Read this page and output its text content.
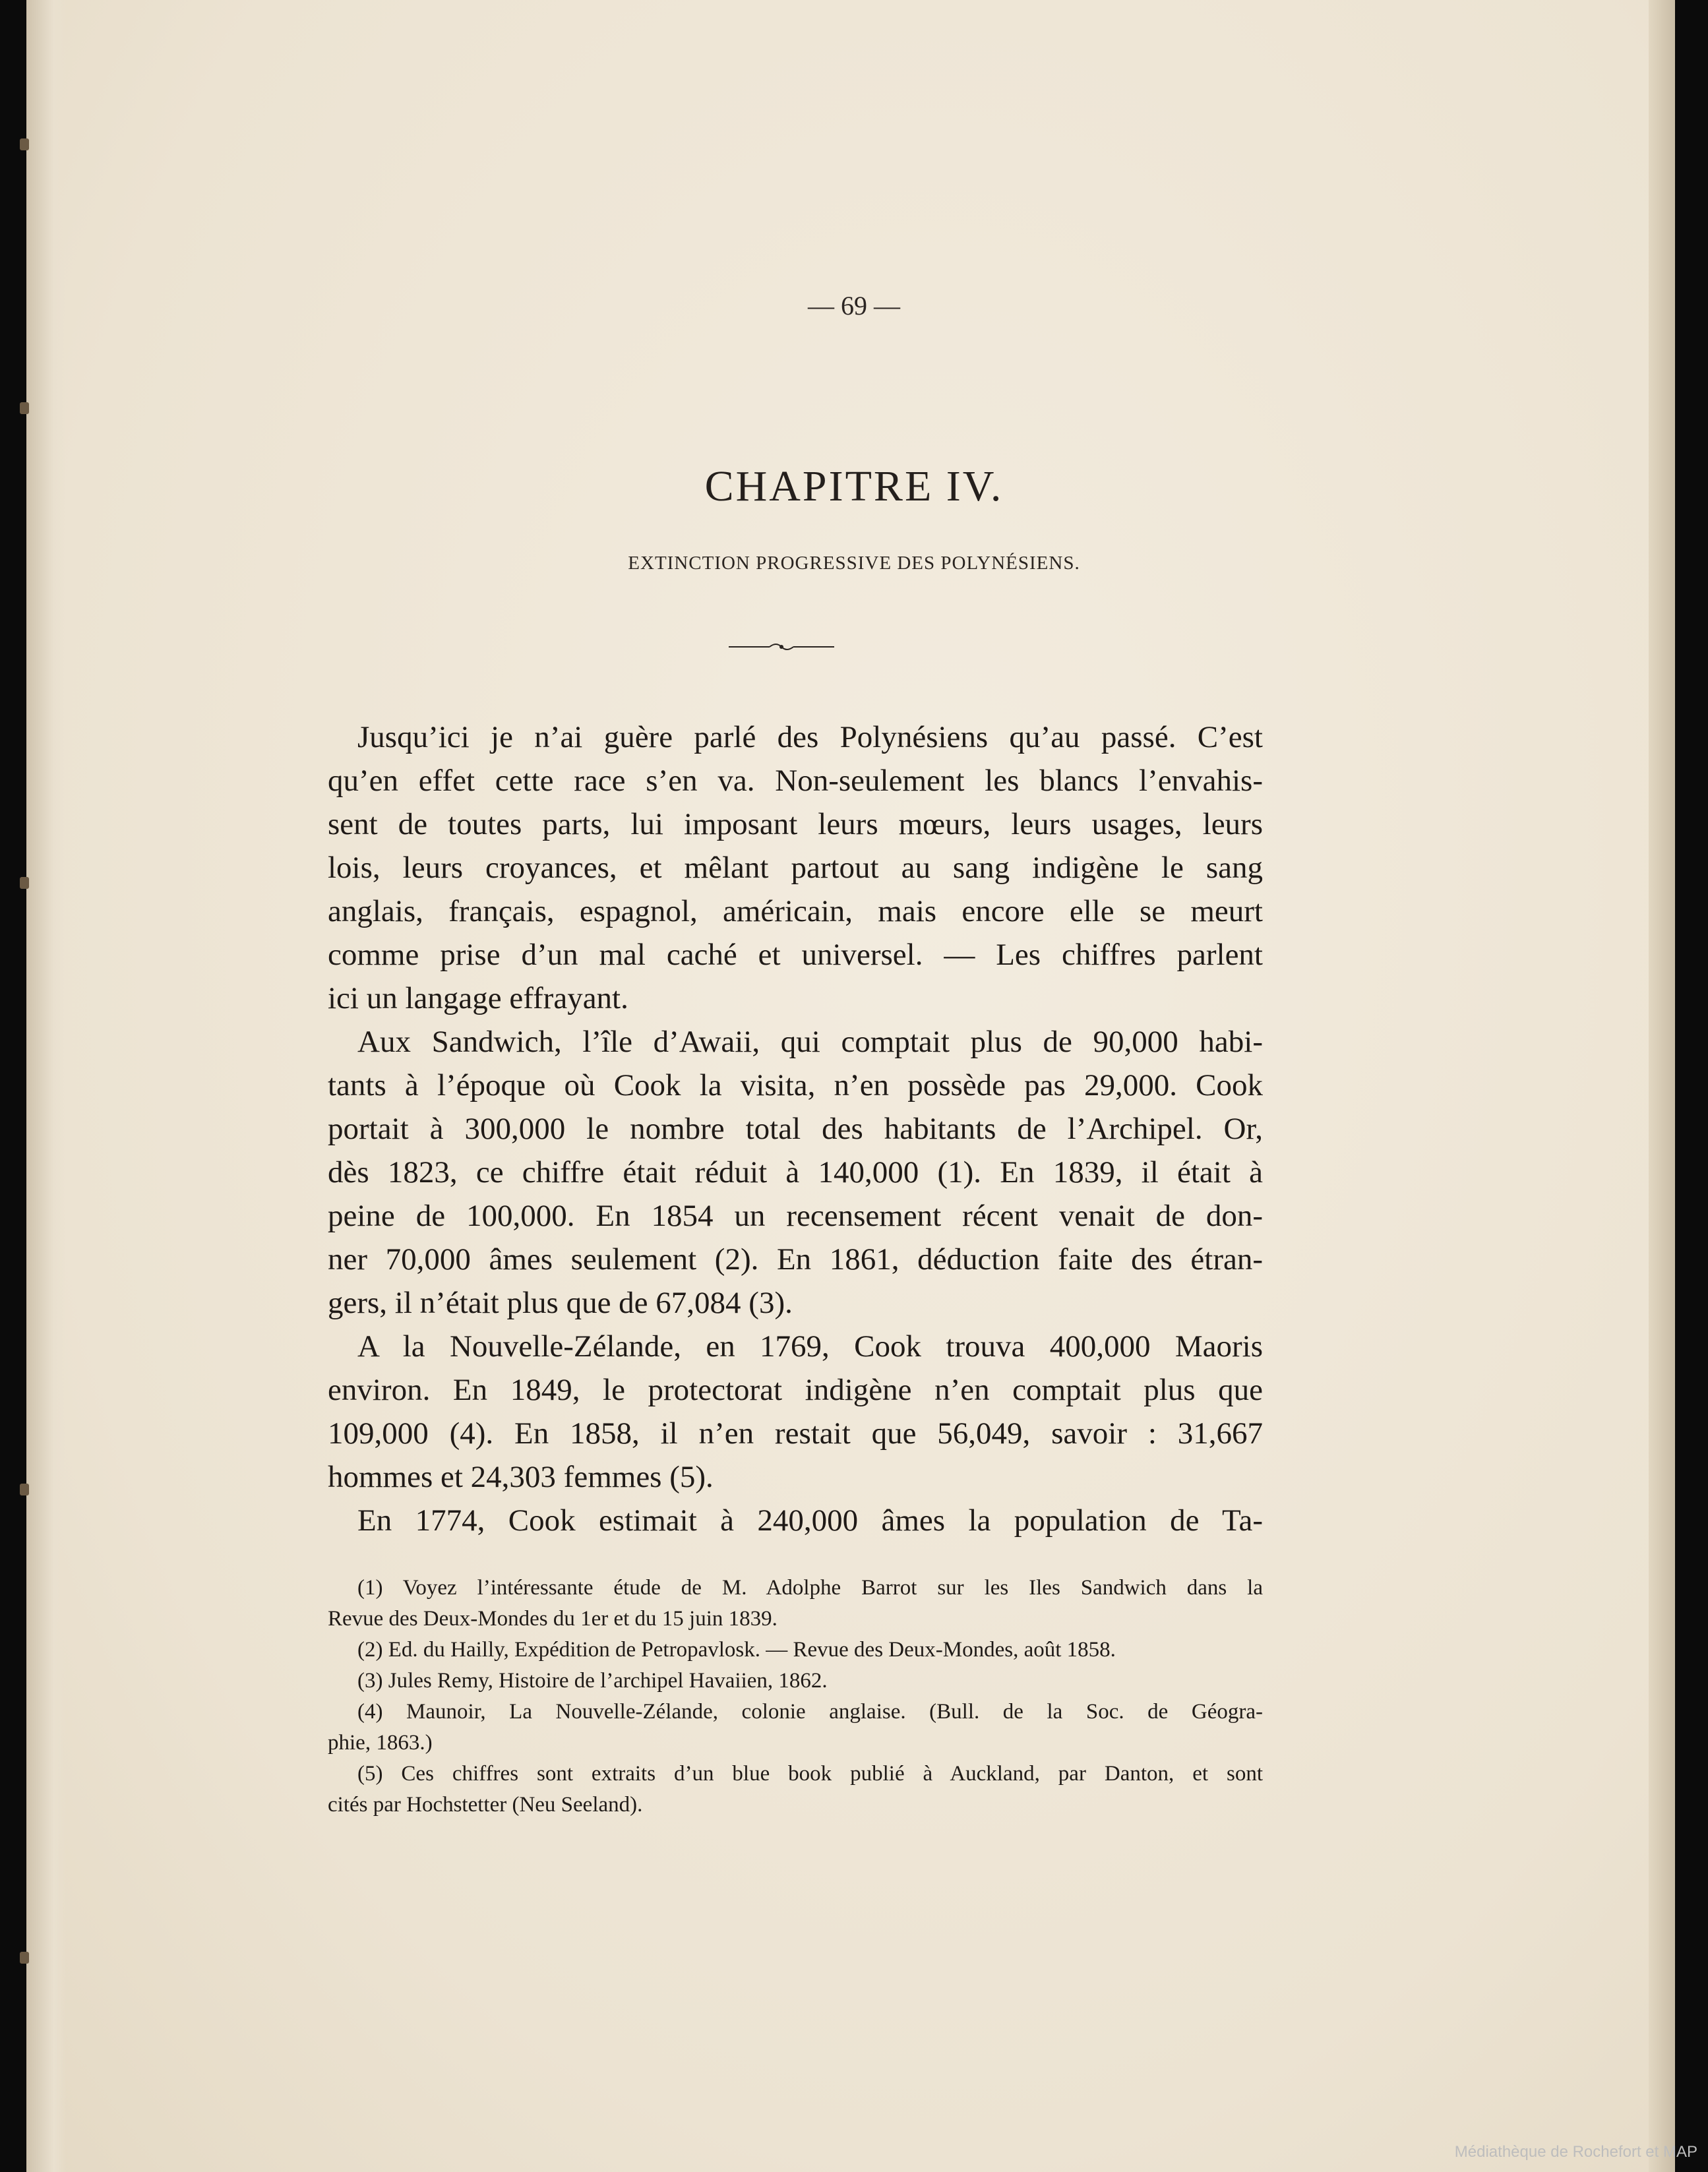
— 69 —
CHAPITRE IV.
EXTINCTION PROGRESSIVE DES POLYNÉSIENS.
Jusqu’ici je n’ai guère parlé des Polynésiens qu’au passé. C’est
qu’en effet cette race s’en va. Non-seulement les blancs l’envahis-
sent de toutes parts, lui imposant leurs mœurs, leurs usages, leurs
lois, leurs croyances, et mêlant partout au sang indigène le sang
anglais, français, espagnol, américain, mais encore elle se meurt
comme prise d’un mal caché et universel. — Les chiffres parlent
ici un langage effrayant.
Aux Sandwich, l’île d’Awaii, qui comptait plus de 90,000 habi-
tants à l’époque où Cook la visita, n’en possède pas 29,000. Cook
portait à 300,000 le nombre total des habitants de l’Archipel. Or,
dès 1823, ce chiffre était réduit à 140,000 (1). En 1839, il était à
peine de 100,000. En 1854 un recensement récent venait de don-
ner 70,000 âmes seulement (2). En 1861, déduction faite des étran-
gers, il n’était plus que de 67,084 (3).
A la Nouvelle-Zélande, en 1769, Cook trouva 400,000 Maoris
environ. En 1849, le protectorat indigène n’en comptait plus que
109,000 (4). En 1858, il n’en restait que 56,049, savoir : 31,667
hommes et 24,303 femmes (5).
En 1774, Cook estimait à 240,000 âmes la population de Ta-
(1) Voyez l’intéressante étude de M. Adolphe Barrot sur les Iles Sandwich dans la
Revue des Deux-Mondes du 1er et du 15 juin 1839.
(2) Ed. du Hailly, Expédition de Petropavlosk. — Revue des Deux-Mondes, août 1858.
(3) Jules Remy, Histoire de l’archipel Havaiien, 1862.
(4) Maunoir, La Nouvelle-Zélande, colonie anglaise. (Bull. de la Soc. de Géogra-
phie, 1863.)
(5) Ces chiffres sont extraits d’un blue book publié à Auckland, par Danton, et sont
cités par Hochstetter (Neu Seeland).
Médiathèque de Rochefort et MAP
